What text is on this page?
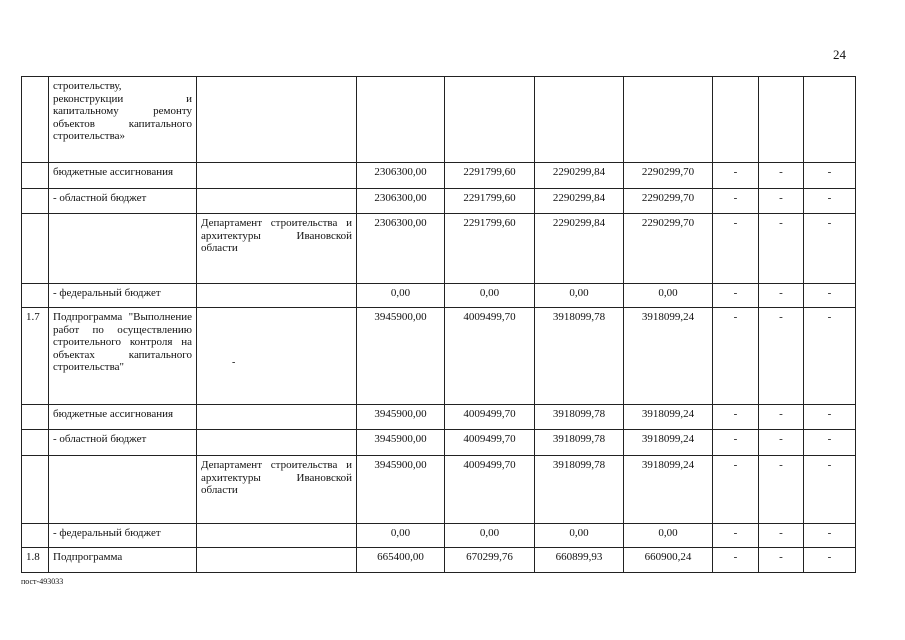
24
	строительству, реконструкции и капитальному ремонту объектов капитального строительства»								
	бюджетные ассигнования		2306300,00	2291799,60	2290299,84	2290299,70	-	-	-
	- областной бюджет		2306300,00	2291799,60	2290299,84	2290299,70	-	-	-
		Департамент строительства и архитектуры Ивановской области	2306300,00	2291799,60	2290299,84	2290299,70	-	-	-
	- федеральный бюджет		0,00	0,00	0,00	0,00	-	-	-
1.7	Подпрограмма "Выполнение работ по осуществлению строительного контроля на объектах капитального строительства"		3945900,00	4009499,70	3918099,78	3918099,24	-	-	-
	бюджетные ассигнования		3945900,00	4009499,70	3918099,78	3918099,24	-	-	-
	- областной бюджет		3945900,00	4009499,70	3918099,78	3918099,24	-	-	-
		Департамент строительства и архитектуры Ивановской области	3945900,00	4009499,70	3918099,78	3918099,24	-	-	-
	- федеральный бюджет		0,00	0,00	0,00	0,00	-	-	-
1.8	Подпрограмма		665400,00	670299,76	660899,93	660900,24	-	-	-
-
пост-493033
